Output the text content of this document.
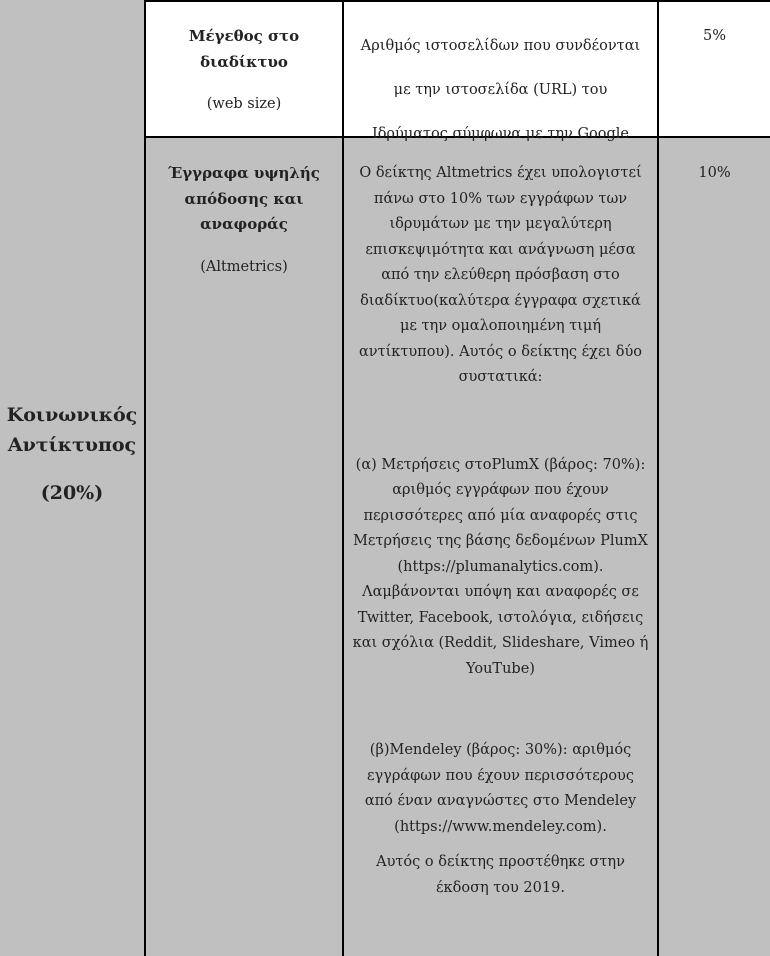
Κοινωνικός

Αντίκτυπος

(20%)

Μέγεθος στο

διαδίκτυο

(web size)

Αριθμός ιστοσελίδων που συνδέονται

με την ιστοσελίδα (URL) του

Ιδρύματος σύμφωνα με την Google

5%

Έγγραφα υψηλής

απόδοσης και

αναφοράς

(Altmetrics)

Ο δείκτης Altmetrics έχει υπολογιστεί

πάνω στο 10% των εγγράφων των

ιδρυμάτων με την μεγαλύτερη

επισκεψιμότητα και ανάγνωση μέσα

από την ελεύθερη πρόσβαση στο

διαδίκτυο(καλύτερα έγγραφα σχετικά

με την ομαλοποιημένη τιμή

αντίκτυπου). Αυτός ο δείκτης έχει δύο

συστατικά:

(α) Μετρήσεις στοPlumX (βάρος: 70%):

αριθμός εγγράφων που έχουν

περισσότερες από μία αναφορές στις

Μετρήσεις της βάσης δεδομένων PlumX

(https://plumanalytics.com).

Λαμβάνονται υπόψη και αναφορές σε

Twitter, Facebook, ιστολόγια, ειδήσεις

και σχόλια (Reddit, Slideshare, Vimeo ή

YouTube)

(β)Mendeley (βάρος: 30%): αριθμός

εγγράφων που έχουν περισσότερους

από έναν αναγνώστες στο Mendeley

(https://www.mendeley.com).

Αυτός ο δείκτης προστέθηκε στην

έκδοση του 2019.

10%
